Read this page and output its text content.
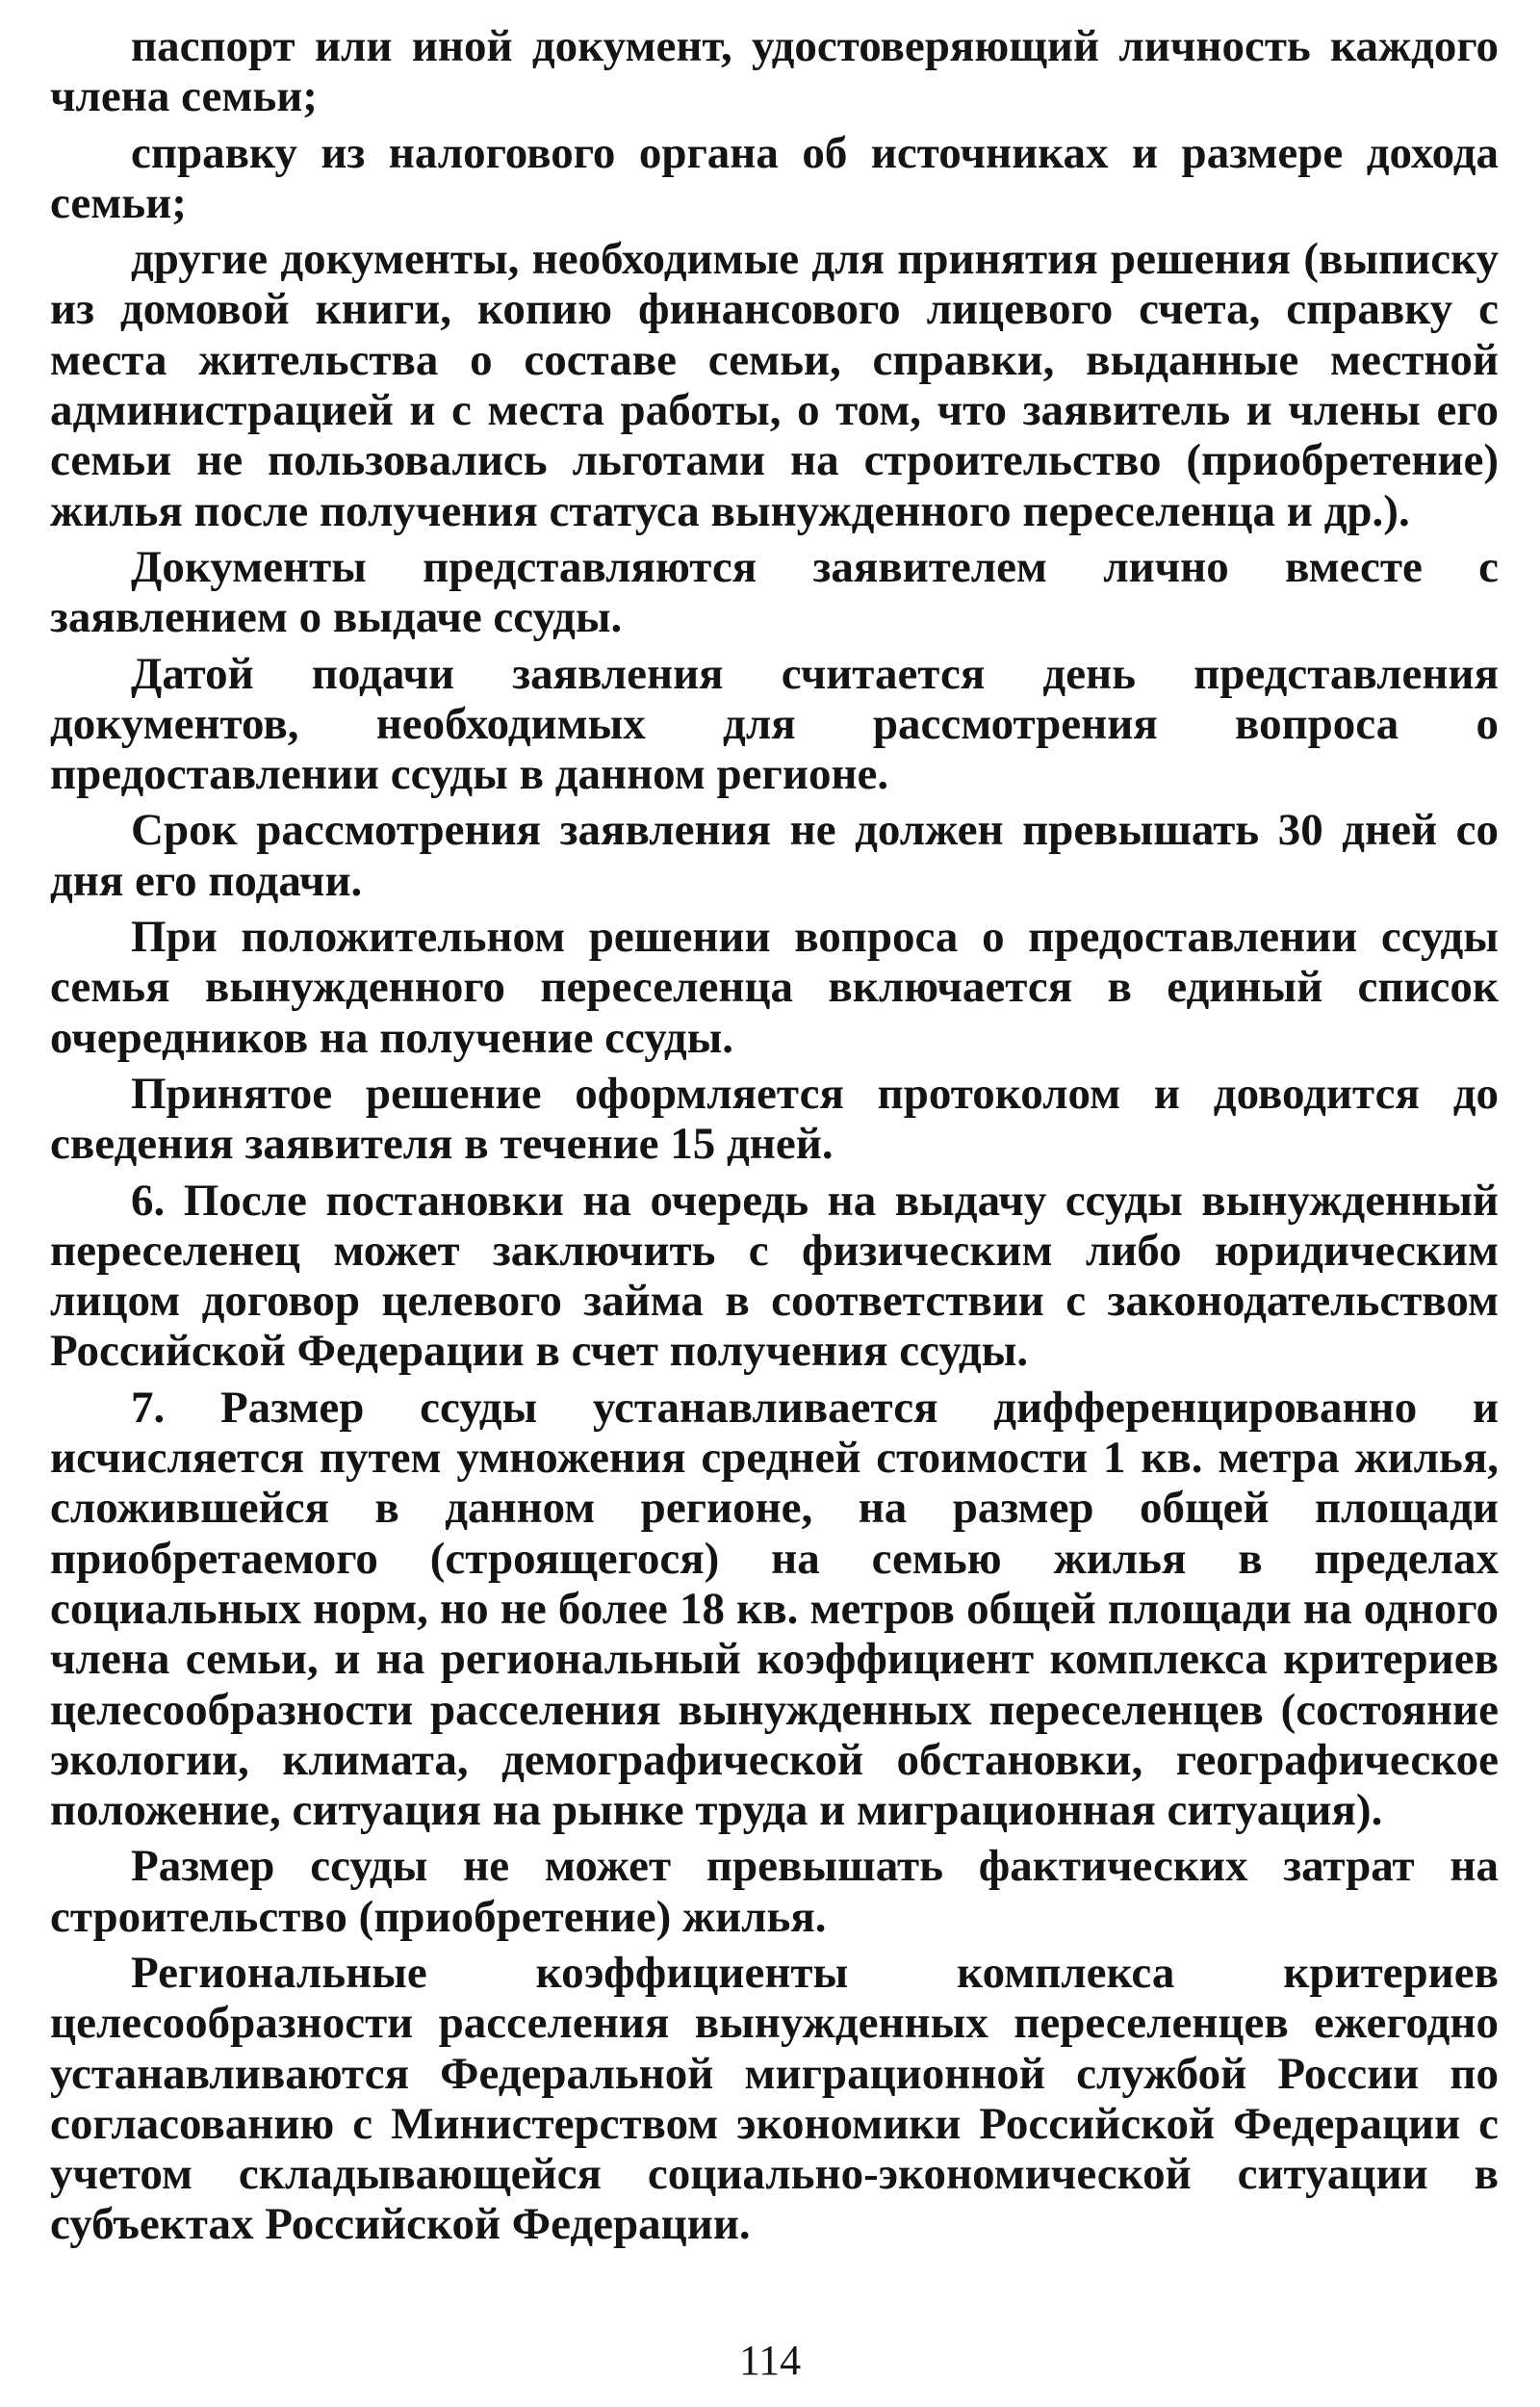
паспорт или иной документ, удостоверяющий личность каждого члена семьи;

справку из налогового органа об источниках и размере дохода семьи;

другие документы, необходимые для принятия решения (выписку из домовой книги, копию финансового лицевого счета, справку с места жительства о составе семьи, справки, выданные местной администрацией и с места работы, о том, что заявитель и члены его семьи не пользовались льготами на строительство (приобретение) жилья после получения статуса вынужденного переселенца и др.).

Документы представляются заявителем лично вместе с заявлением о выдаче ссуды.

Датой подачи заявления считается день представления документов, необходимых для рассмотрения вопроса о предоставлении ссуды в данном регионе.

Срок рассмотрения заявления не должен превышать 30 дней со дня его подачи.

При положительном решении вопроса о предоставлении ссуды семья вынужденного переселенца включается в единый список очередников на получение ссуды.

Принятое решение оформляется протоколом и доводится до сведения заявителя в течение 15 дней.

6. После постановки на очередь на выдачу ссуды вынужденный переселенец может заключить с физическим либо юридическим лицом договор целевого займа в соответствии с законодательством Российской Федерации в счет получения ссуды.

7. Размер ссуды устанавливается дифференцированно и исчисляется путем умножения средней стоимости 1 кв. метра жилья, сложившейся в данном регионе, на размер общей площади приобретаемого (строящегося) на семью жилья в пределах социальных норм, но не более 18 кв. метров общей площади на одного члена семьи, и на региональный коэффициент комплекса критериев целесообразности расселения вынужденных переселенцев (состояние экологии, климата, демографической обстановки, географическое положение, ситуация на рынке труда и миграционная ситуация).

Размер ссуды не может превышать фактических затрат на строительство (приобретение) жилья.

Региональные коэффициенты комплекса критериев целесообразности расселения вынужденных переселенцев ежегодно устанавливаются Федеральной миграционной службой России по согласованию с Министерством экономики Российской Федерации с учетом складывающейся социально-экономической ситуации в субъектах Российской Федерации.

114
